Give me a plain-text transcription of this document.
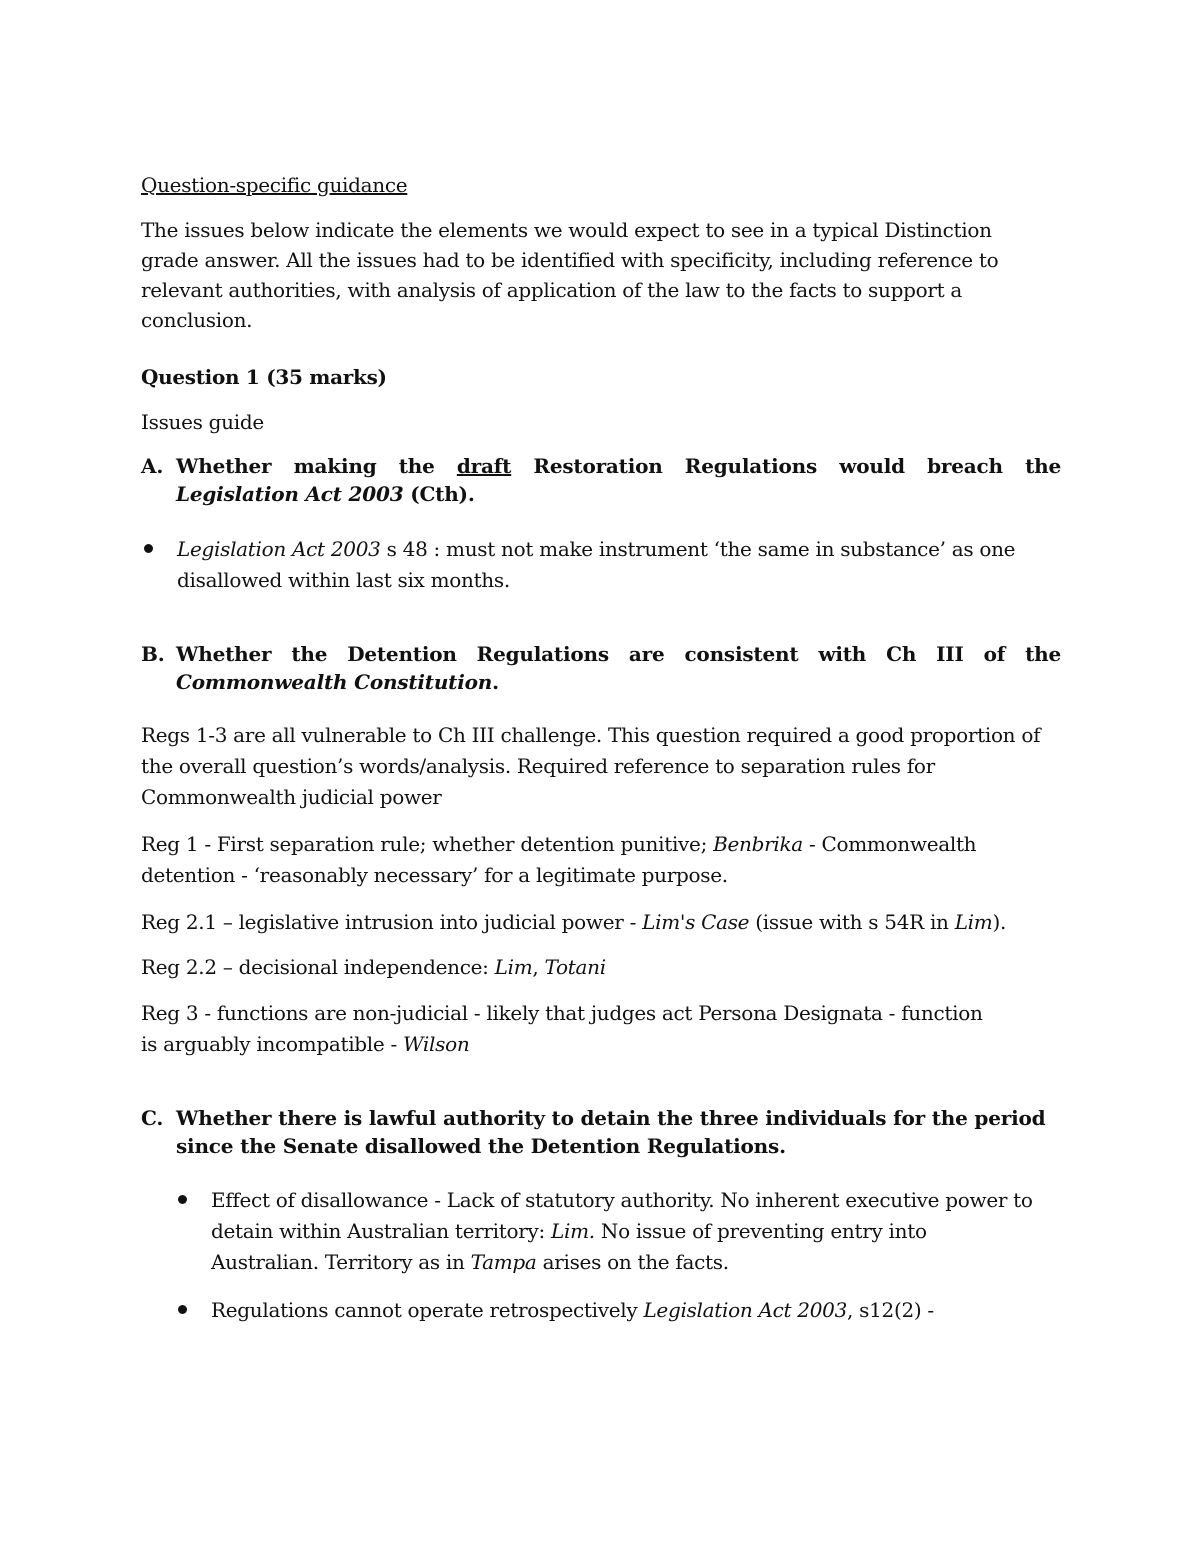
Question-specific guidance

The issues below indicate the elements we would expect to see in a typical Distinction grade answer. All the issues had to be identified with specificity, including reference to relevant authorities, with analysis of application of the law to the facts to support a conclusion.

Question 1 (35 marks)

Issues guide

A. Whether making the draft Restoration Regulations would breach the Legislation Act 2003 (Cth).
Legislation Act 2003 s 48 : must not make instrument ‘the same in substance’ as one disallowed within last six months.
B. Whether the Detention Regulations are consistent with Ch III of the Commonwealth Constitution.

Regs 1-3 are all vulnerable to Ch III challenge. This question required a good proportion of the overall question’s words/analysis. Required reference to separation rules for Commonwealth judicial power

Reg 1 - First separation rule; whether detention punitive; Benbrika - Commonwealth detention - ‘reasonably necessary’ for a legitimate purpose.

Reg 2.1 – legislative intrusion into judicial power - Lim's Case (issue with s 54R in Lim).

Reg 2.2 – decisional independence: Lim, Totani

Reg 3 - functions are non-judicial - likely that judges act Persona Designata - function is arguably incompatible - Wilson

C. Whether there is lawful authority to detain the three individuals for the period since the Senate disallowed the Detention Regulations.
Effect of disallowance - Lack of statutory authority. No inherent executive power to detain within Australian territory: Lim. No issue of preventing entry into Australian. Territory as in Tampa arises on the facts.
Regulations cannot operate retrospectively Legislation Act 2003, s12(2) -
